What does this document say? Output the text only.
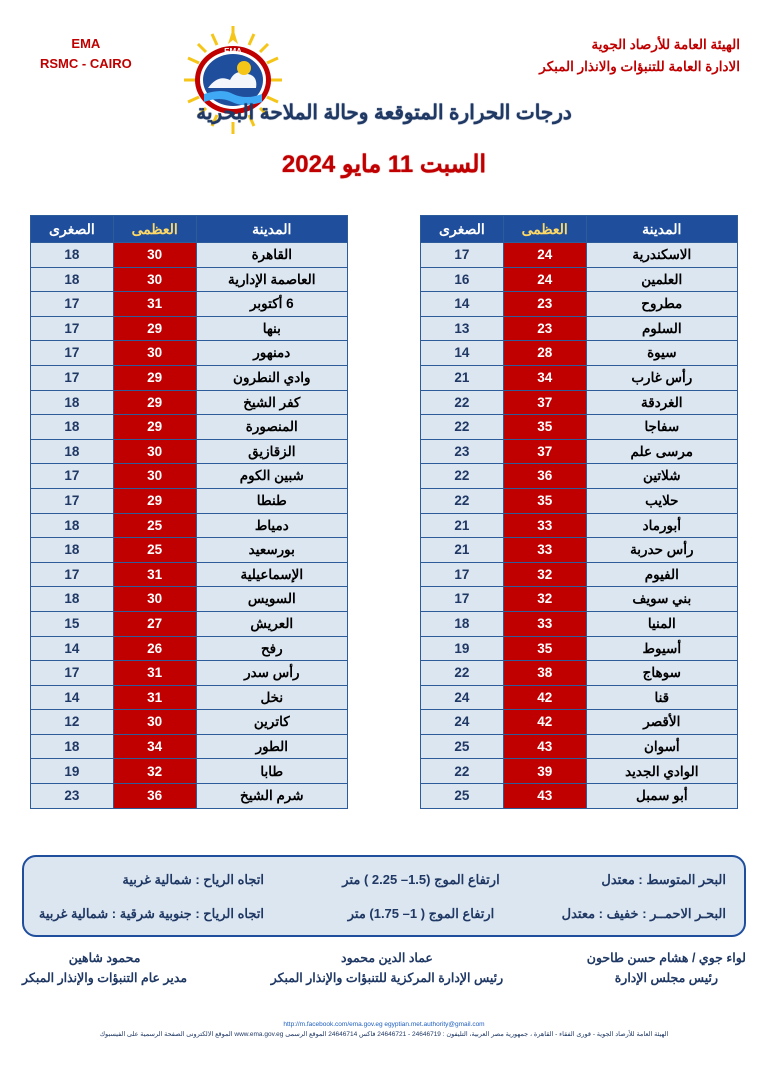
EMA
RSMC - CAIRO
EMA	الهيئة العامة للأرصاد الجوية
الادارة العامة للتنبؤات والانذار المبكر
درجات الحرارة المتوقعة وحالة الملاحة البحرية
السبت 11 مايو 2024
المدينة	العظمى	الصغرى
القاهرة	30	18
العاصمة الإدارية	30	18
6 أكتوبر	31	17
بنها	29	17
دمنهور	30	17
وادي النطرون	29	17
كفر الشيخ	29	18
المنصورة	29	18
الزقازيق	30	18
شبين الكوم	30	17
طنطا	29	17
دمياط	25	18
بورسعيد	25	18
الإسماعيلية	31	17
السويس	30	18
العريش	27	15
رفح	26	14
رأس سدر	31	17
نخل	31	14
كاترين	30	12
الطور	34	18
طابا	32	19
شرم الشيخ	36	23
المدينة	العظمى	الصغرى
الاسكندرية	24	17
العلمين	24	16
مطروح	23	14
السلوم	23	13
سيوة	28	14
رأس غارب	34	21
الغردقة	37	22
سفاجا	35	22
مرسى علم	37	23
شلاتين	36	22
حلايب	35	22
أبورماد	33	21
رأس حدربة	33	21
الفيوم	32	17
بني سويف	32	17
المنيا	33	18
أسيوط	35	19
سوهاج	38	22
قنا	42	24
الأقصر	42	24
أسوان	43	25
الوادي الجديد	39	22
أبو سمبل	43	25
البحر المتوسط : معتدل
ارتفاع الموج (1.5– 2.25 ) متر
اتجاه الرياح : شمالية غربية
البحـر الاحمــر : خفيف : معتدل
ارتفاع الموج ( 1– 1.75) متر
اتجاه الرياح : جنوبية شرقية : شمالية غربية
محمود شاهين
مدير عام التنبؤات والإنذار المبكر
عماد الدين محمود
رئيس الإدارة المركزية للتنبؤات والإنذار المبكر
لواء جوي / هشام حسن طاحون
رئيس مجلس الإدارة
http://m.facebook.com/ema.gov.eg egyptian.met.authority@gmail.com
الهيئة العامة للأرصاد الجوية - قورى الفقاء - القاهرة ، جمهورية مصر العربية، التليفون : 24646719 - 24646721 فاكس 24646714 الموقع الرسمى www.ema.gov.eg الموقع الالكترونى الصفحة الرسمية على الفيسبوك
